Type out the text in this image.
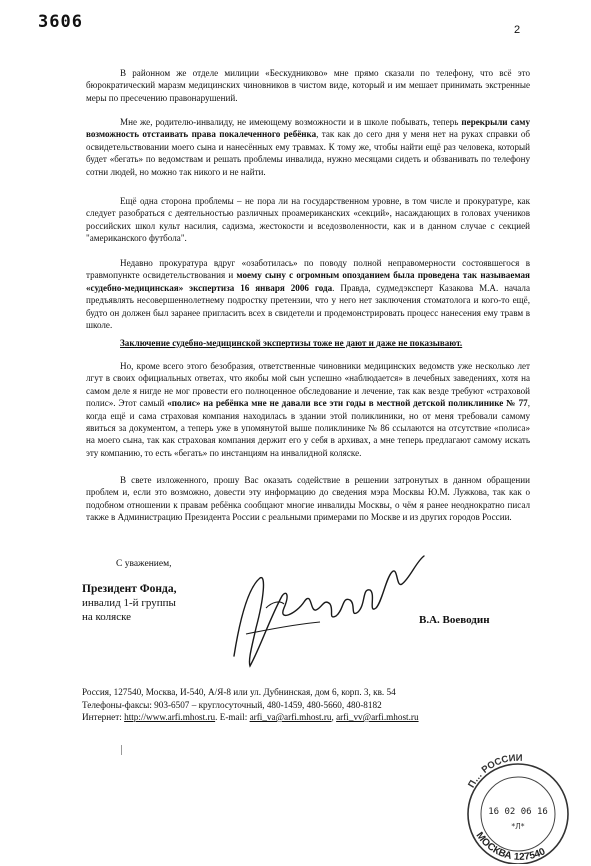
3606	2

В районном же отделе милиции «Бескудниково» мне прямо сказали по телефону, что всё это бюрократический маразм медицинских чиновников в чистом виде, который и им мешает принимать экстренные меры по пресечению правонарушений.

Мне же, родителю-инвалиду, не имеющему возможности и в школе побывать, теперь перекрыли саму возможность отстаивать права покалеченного ребёнка, так как до сего дня у меня нет на руках справки об освидетельствовании моего сына и нанесённых ему травмах. К тому же, чтобы найти ещё раз человека, который будет «бегать» по ведомствам и решать проблемы инвалида, нужно месяцами сидеть и обзванивать по телефону сотни людей, но можно так никого и не найти.

Ещё одна сторона проблемы – не пора ли на государственном уровне, в том числе и прокуратуре, как следует разобраться с деятельностью различных проамериканских «секций», насаждающих в головах учеников российских школ культ насилия, садизма, жестокости и вседозволенности, как и в данном случае с секцией "американского футбола".

Недавно прокуратура вдруг «озаботилась» по поводу полной неправомерности состоявшегося в травмопункте освидетельствования и моему сыну с огромным опозданием была проведена так называемая «судебно-медицинская» экспертиза 16 января 2006 года. Правда, судмедэксперт Казакова М.А. начала предъявлять несовершеннолетнему подростку претензии, что у него нет заключения стоматолога и кого-то ещё, будто он должен был заранее пригласить всех в свидетели и продемонстрировать процесс нанесения ему травм в школе.

Заключение судебно-медицинской экспертизы тоже не дают и даже не показывают.

Но, кроме всего этого безобразия, ответственные чиновники медицинских ведомств уже несколько лет лгут в своих официальных ответах, что якобы мой сын успешно «наблюдается» в лечебных заведениях, хотя на самом деле я нигде не мог провести его полноценное обследование и лечение, так как везде требуют «страховой полис». Этот самый «полис» на ребёнка мне не давали все эти годы в местной детской поликлинике № 77, когда ещё и сама страховая компания находилась в здании этой поликлиники, но от меня требовали самому явиться за документом, а теперь уже в упомянутой выше поликлинике № 86 ссылаются на отсутствие «полиса» на моего сына, так как страховая компания держит его у себя в архивах, а мне теперь предлагают самому искать эту компанию, то есть «бегать» по инстанциям на инвалидной коляске.

В свете изложенного, прошу Вас оказать содействие в решении затронутых в данном обращении проблем и, если это возможно, довести эту информацию до сведения мэра Москвы Ю.М. Лужкова, так как о подобном отношении к правам ребёнка сообщают многие инвалиды Москвы, о чём я ранее неоднократно писал также в Администрацию Президента России с реальными примерами по Москве и из других городов России.

С уважением,
Президент Фонда,
инвалид 1-й группы
на коляске	В.А. Воеводин
Россия, 127540, Москва, И-540, А/Я-8 или ул. Дубнинская, дом 6, корп. 3, кв. 54
Телефоны-факсы: 903-6507 – круглосуточный, 480-1459, 480-5660, 480-8182
Интернет: http://www.arfi.mhost.ru. E-mail: arfi_va@arfi.mhost.ru, arfi_vv@arfi.mhost.ru
П… РОССИИ
16 02 06 16
*Л*
МОСКВА 127540
